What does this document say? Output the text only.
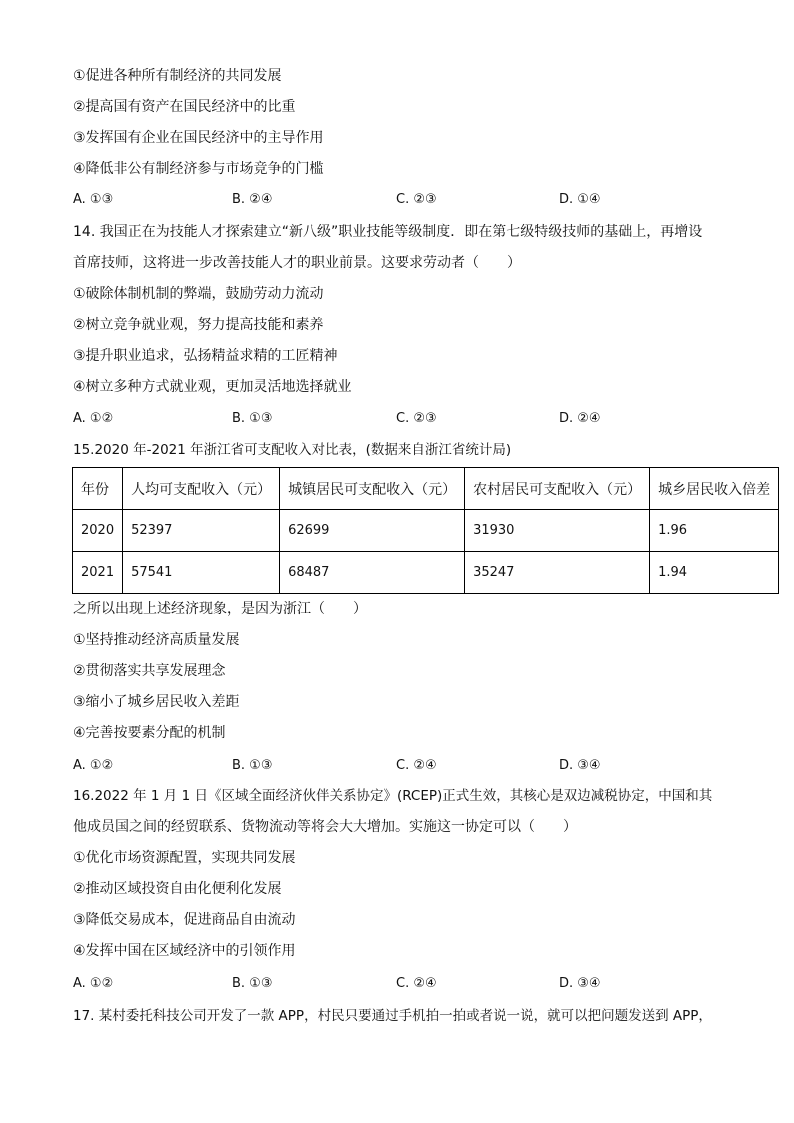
①促进各种所有制经济的共同发展
②提高国有资产在国民经济中的比重
③发挥国有企业在国民经济中的主导作用
④降低非公有制经济参与市场竞争的门槛
A. ①③	B. ②④	C. ②③	D. ①④
14. 我国正在为技能人才探索建立“新八级”职业技能等级制度．即在第七级特级技师的基础上，再增设
首席技师，这将进一步改善技能人才的职业前景。这要求劳动者（　　）
①破除体制机制的弊端，鼓励劳动力流动
②树立竞争就业观，努力提高技能和素养
③提升职业追求，弘扬精益求精的工匠精神
④树立多种方式就业观，更加灵活地选择就业
A. ①②	B. ①③	C. ②③	D. ②④
15.2020 年-2021 年浙江省可支配收入对比表，(数据来自浙江省统计局)
年份	人均可支配收入（元）	城镇居民可支配收入（元）	农村居民可支配收入（元）	城乡居民收入倍差
2020	52397	62699	31930	1.96
2021	57541	68487	35247	1.94
之所以出现上述经济现象，是因为浙江（　　）
①坚持推动经济高质量发展
②贯彻落实共享发展理念
③缩小了城乡居民收入差距
④完善按要素分配的机制
A. ①②	B. ①③	C. ②④	D. ③④
16.2022 年 1 月 1 日《区域全面经济伙伴关系协定》(RCEP)正式生效，其核心是双边减税协定，中国和其
他成员国之间的经贸联系、货物流动等将会大大增加。实施这一协定可以（　　）
①优化市场资源配置，实现共同发展
②推动区域投资自由化便利化发展
③降低交易成本，促进商品自由流动
④发挥中国在区域经济中的引领作用
A. ①②	B. ①③	C. ②④	D. ③④
17. 某村委托科技公司开发了一款 APP，村民只要通过手机拍一拍或者说一说，就可以把问题发送到 APP，
